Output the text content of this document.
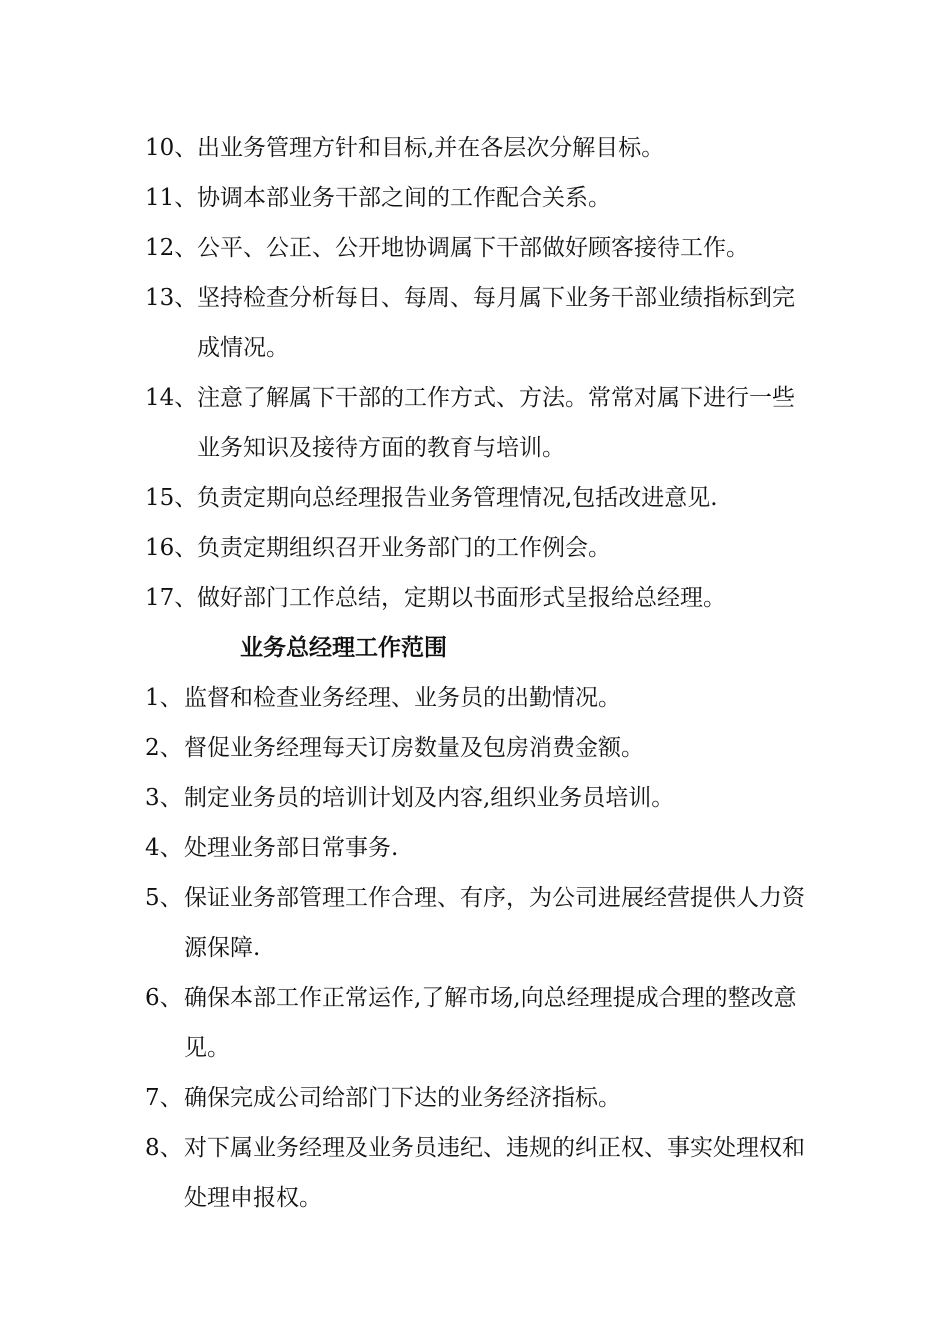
10、 出业务管理方针和目标,并在各层次分解目标。
11、 协调本部业务干部之间的工作配合关系。
12、 公平、公正、公开地协调属下干部做好顾客接待工作。
13、 坚持检查分析每日、每周、每月属下业务干部业绩指标到完成情况。
14、 注意了解属下干部的工作方式、方法。常常对属下进行一些业务知识及接待方面的教育与培训。
15、 负责定期向总经理报告业务管理情况,包括改进意见.
16、 负责定期组织召开业务部门的工作例会。
17、 做好部门工作总结，定期以书面形式呈报给总经理。
业务总经理工作范围
1、 监督和检查业务经理、业务员的出勤情况。
2、 督促业务经理每天订房数量及包房消费金额。
3、 制定业务员的培训计划及内容,组织业务员培训。
4、 处理业务部日常事务.
5、 保证业务部管理工作合理、有序，为公司进展经营提供人力资源保障.
6、 确保本部工作正常运作,了解市场,向总经理提成合理的整改意见。
7、 确保完成公司给部门下达的业务经济指标。
8、 对下属业务经理及业务员违纪、违规的纠正权、事实处理权和处理申报权。
